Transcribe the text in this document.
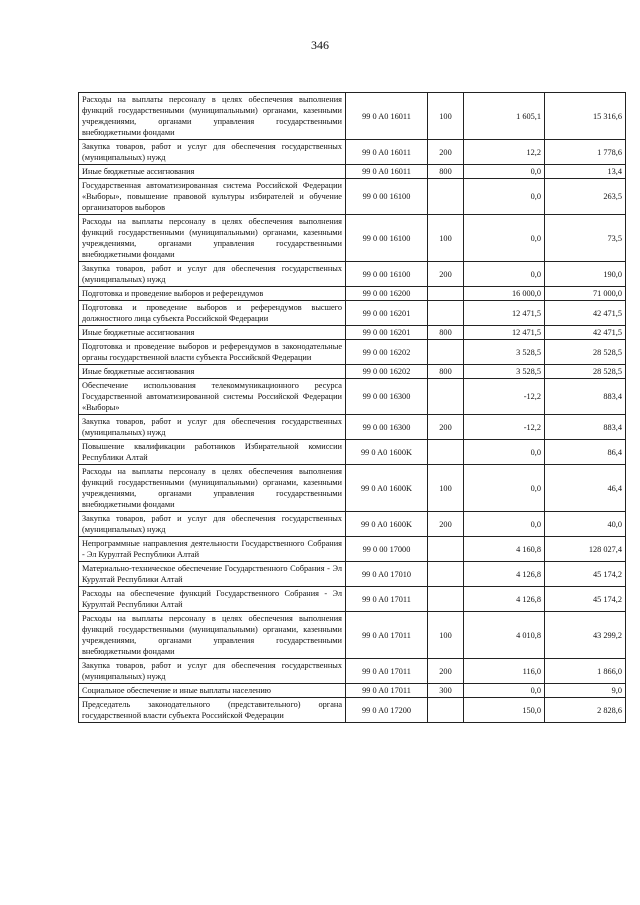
346
Расходы на выплаты персоналу в целях обеспечения выполнения функций государственными (муниципальными) органами, казенными учреждениями, органами управления государственными внебюджетными фондами	99 0 A0 16011	100	1 605,1	15 316,6
Закупка товаров, работ и услуг для обеспечения государственных (муниципальных) нужд	99 0 A0 16011	200	12,2	1 778,6
Иные бюджетные ассигнования	99 0 A0 16011	800	0,0	13,4
Государственная автоматизированная система Российской Федерации «Выборы», повышение правовой культуры избирателей и обучение организаторов выборов	99 0 00 16100		0,0	263,5
Расходы на выплаты персоналу в целях обеспечения выполнения функций государственными (муниципальными) органами, казенными учреждениями, органами управления государственными внебюджетными фондами	99 0 00 16100	100	0,0	73,5
Закупка товаров, работ и услуг для обеспечения государственных (муниципальных) нужд	99 0 00 16100	200	0,0	190,0
Подготовка и проведение выборов и референдумов	99 0 00 16200		16 000,0	71 000,0
Подготовка и проведение выборов и референдумов высшего должностного лица субъекта Российской Федерации	99 0 00 16201		12 471,5	42 471,5
Иные бюджетные ассигнования	99 0 00 16201	800	12 471,5	42 471,5
Подготовка и проведение выборов и референдумов в законодательные органы государственной власти субъекта Российской Федерации	99 0 00 16202		3 528,5	28 528,5
Иные бюджетные ассигнования	99 0 00 16202	800	3 528,5	28 528,5
Обеспечение использования телекоммуникационного ресурса Государственной автоматизированной системы Российской Федерации «Выборы»	99 0 00 16300		-12,2	883,4
Закупка товаров, работ и услуг для обеспечения государственных (муниципальных) нужд	99 0 00 16300	200	-12,2	883,4
Повышение квалификации работников Избирательной комиссии Республики Алтай	99 0 A0 1600K		0,0	86,4
Расходы на выплаты персоналу в целях обеспечения выполнения функций государственными (муниципальными) органами, казенными учреждениями, органами управления государственными внебюджетными фондами	99 0 A0 1600K	100	0,0	46,4
Закупка товаров, работ и услуг для обеспечения государственных (муниципальных) нужд	99 0 A0 1600K	200	0,0	40,0
Непрограммные направления деятельности Государственного Собрания - Эл Курултай Республики Алтай	99 0 00 17000		4 160,8	128 027,4
Материально-техническое обеспечение Государственного Собрания - Эл Курултай Республики Алтай	99 0 A0 17010		4 126,8	45 174,2
Расходы на обеспечение функций Государственного Собрания - Эл Курултай Республики Алтай	99 0 A0 17011		4 126,8	45 174,2
Расходы на выплаты персоналу в целях обеспечения выполнения функций государственными (муниципальными) органами, казенными учреждениями, органами управления государственными внебюджетными фондами	99 0 A0 17011	100	4 010,8	43 299,2
Закупка товаров, работ и услуг для обеспечения государственных (муниципальных) нужд	99 0 A0 17011	200	116,0	1 866,0
Социальное обеспечение и иные выплаты населению	99 0 A0 17011	300	0,0	9,0
Председатель законодательного (представительного) органа государственной власти субъекта Российской Федерации	99 0 A0 17200		150,0	2 828,6
